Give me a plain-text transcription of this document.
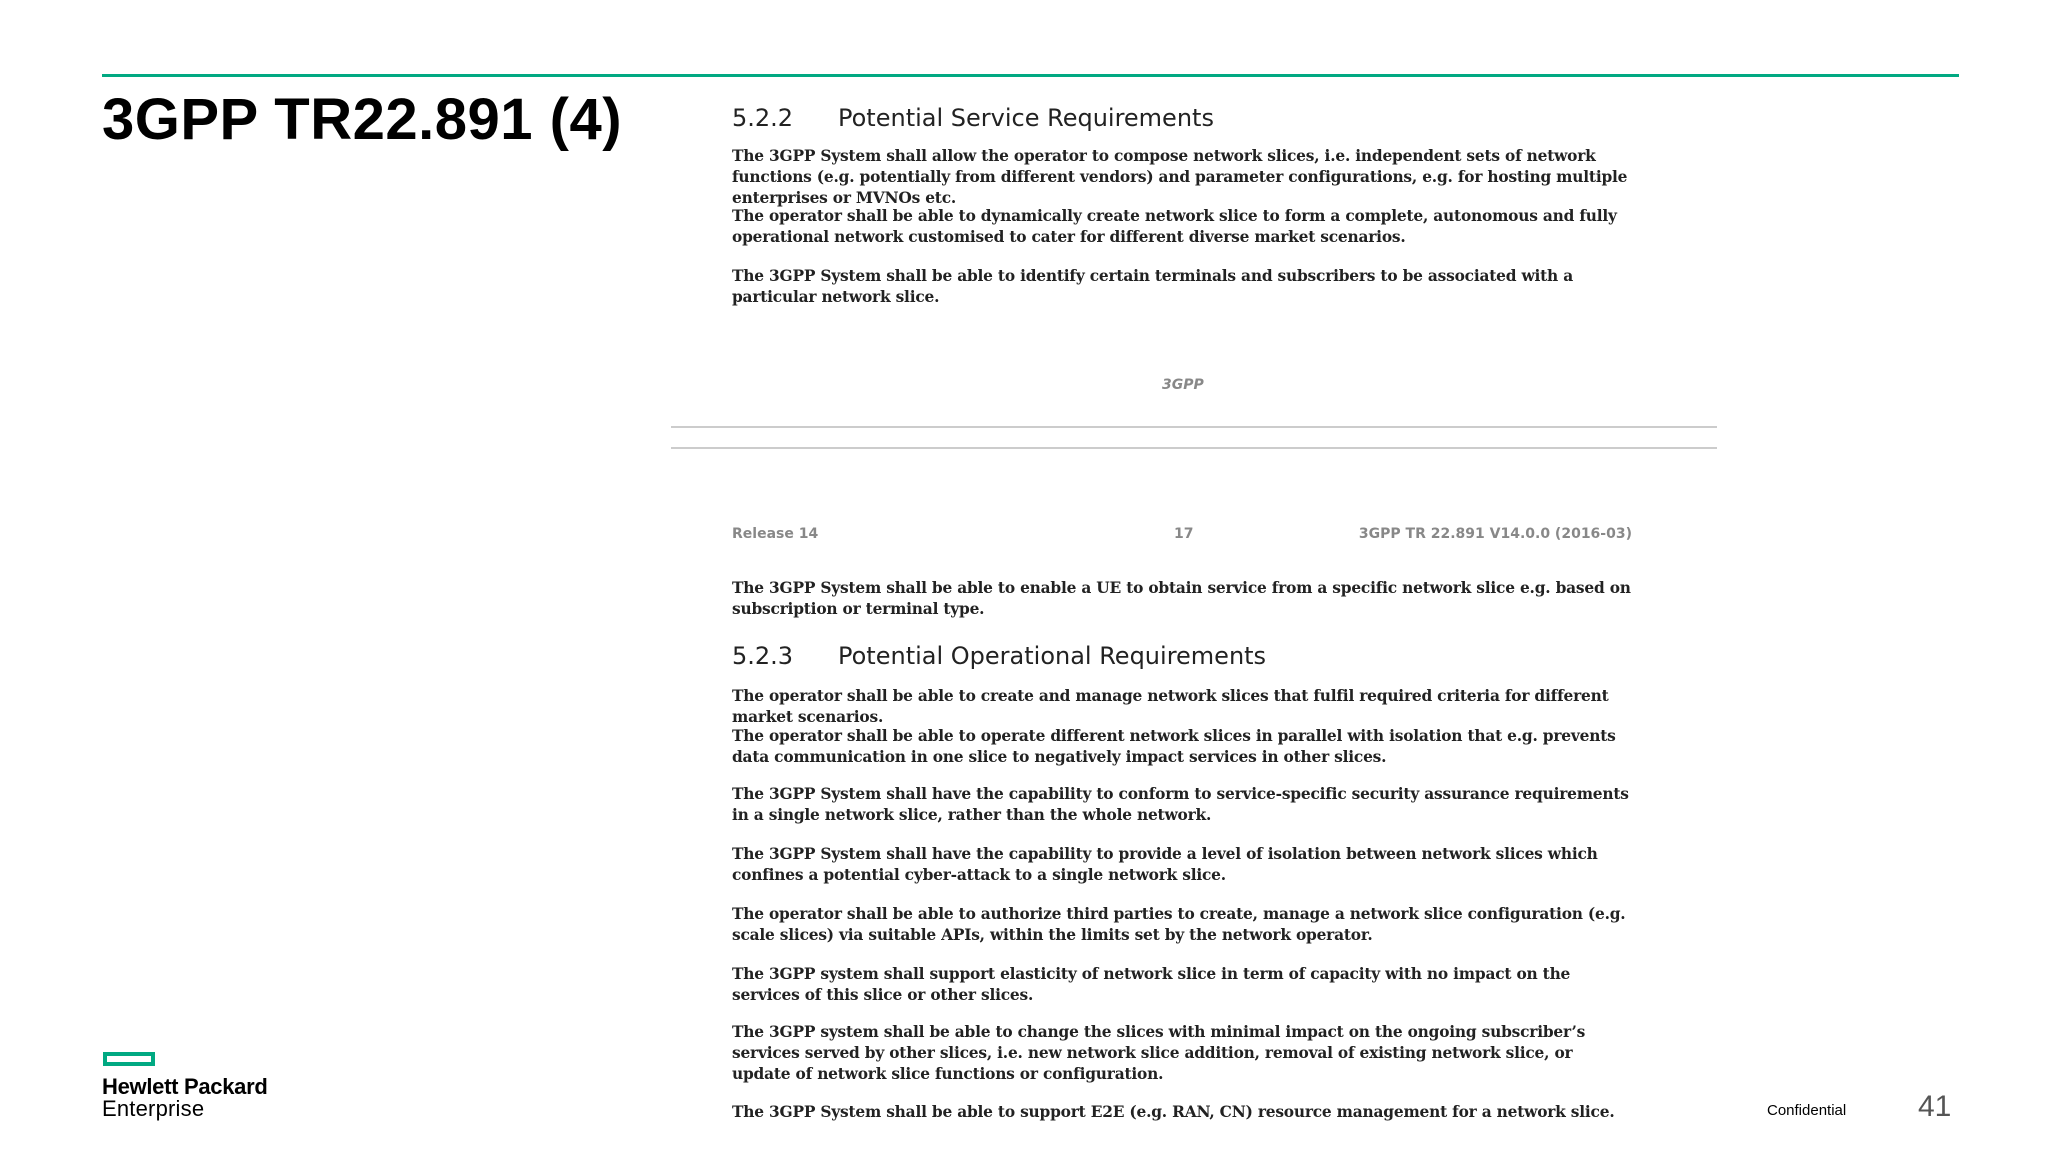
3GPP TR22.891 (4)	5.2.2 Potential Service Requirements
The 3GPP System shall allow the operator to compose network slices, i.e. independent sets of network functions (e.g. potentially from different vendors) and parameter configurations, e.g. for hosting multiple enterprises or MVNOs etc.
The operator shall be able to dynamically create network slice to form a complete, autonomous and fully operational network customised to cater for different diverse market scenarios.
The 3GPP System shall be able to identify certain terminals and subscribers to be associated with a particular network slice.
3GPP
Release 14	17	3GPP TR 22.891 V14.0.0 (2016-03)
The 3GPP System shall be able to enable a UE to obtain service from a specific network slice e.g. based on subscription or terminal type.
5.2.3 Potential Operational Requirements
The operator shall be able to create and manage network slices that fulfil required criteria for different market scenarios.
The operator shall be able to operate different network slices in parallel with isolation that e.g. prevents data communication in one slice to negatively impact services in other slices.
The 3GPP System shall have the capability to conform to service-specific security assurance requirements in a single network slice, rather than the whole network.
The 3GPP System shall have the capability to provide a level of isolation between network slices which confines a potential cyber-attack to a single network slice.
The operator shall be able to authorize third parties to create, manage a network slice configuration (e.g. scale slices) via suitable APIs, within the limits set by the network operator.
The 3GPP system shall support elasticity of network slice in term of capacity with no impact on the services of this slice or other slices.
The 3GPP system shall be able to change the slices with minimal impact on the ongoing subscriber’s services served by other slices, i.e. new network slice addition, removal of existing network slice, or update of network slice functions or configuration.
The 3GPP System shall be able to support E2E (e.g. RAN, CN) resource management for a network slice.
Hewlett Packard
Enterprise	Confidential 41
